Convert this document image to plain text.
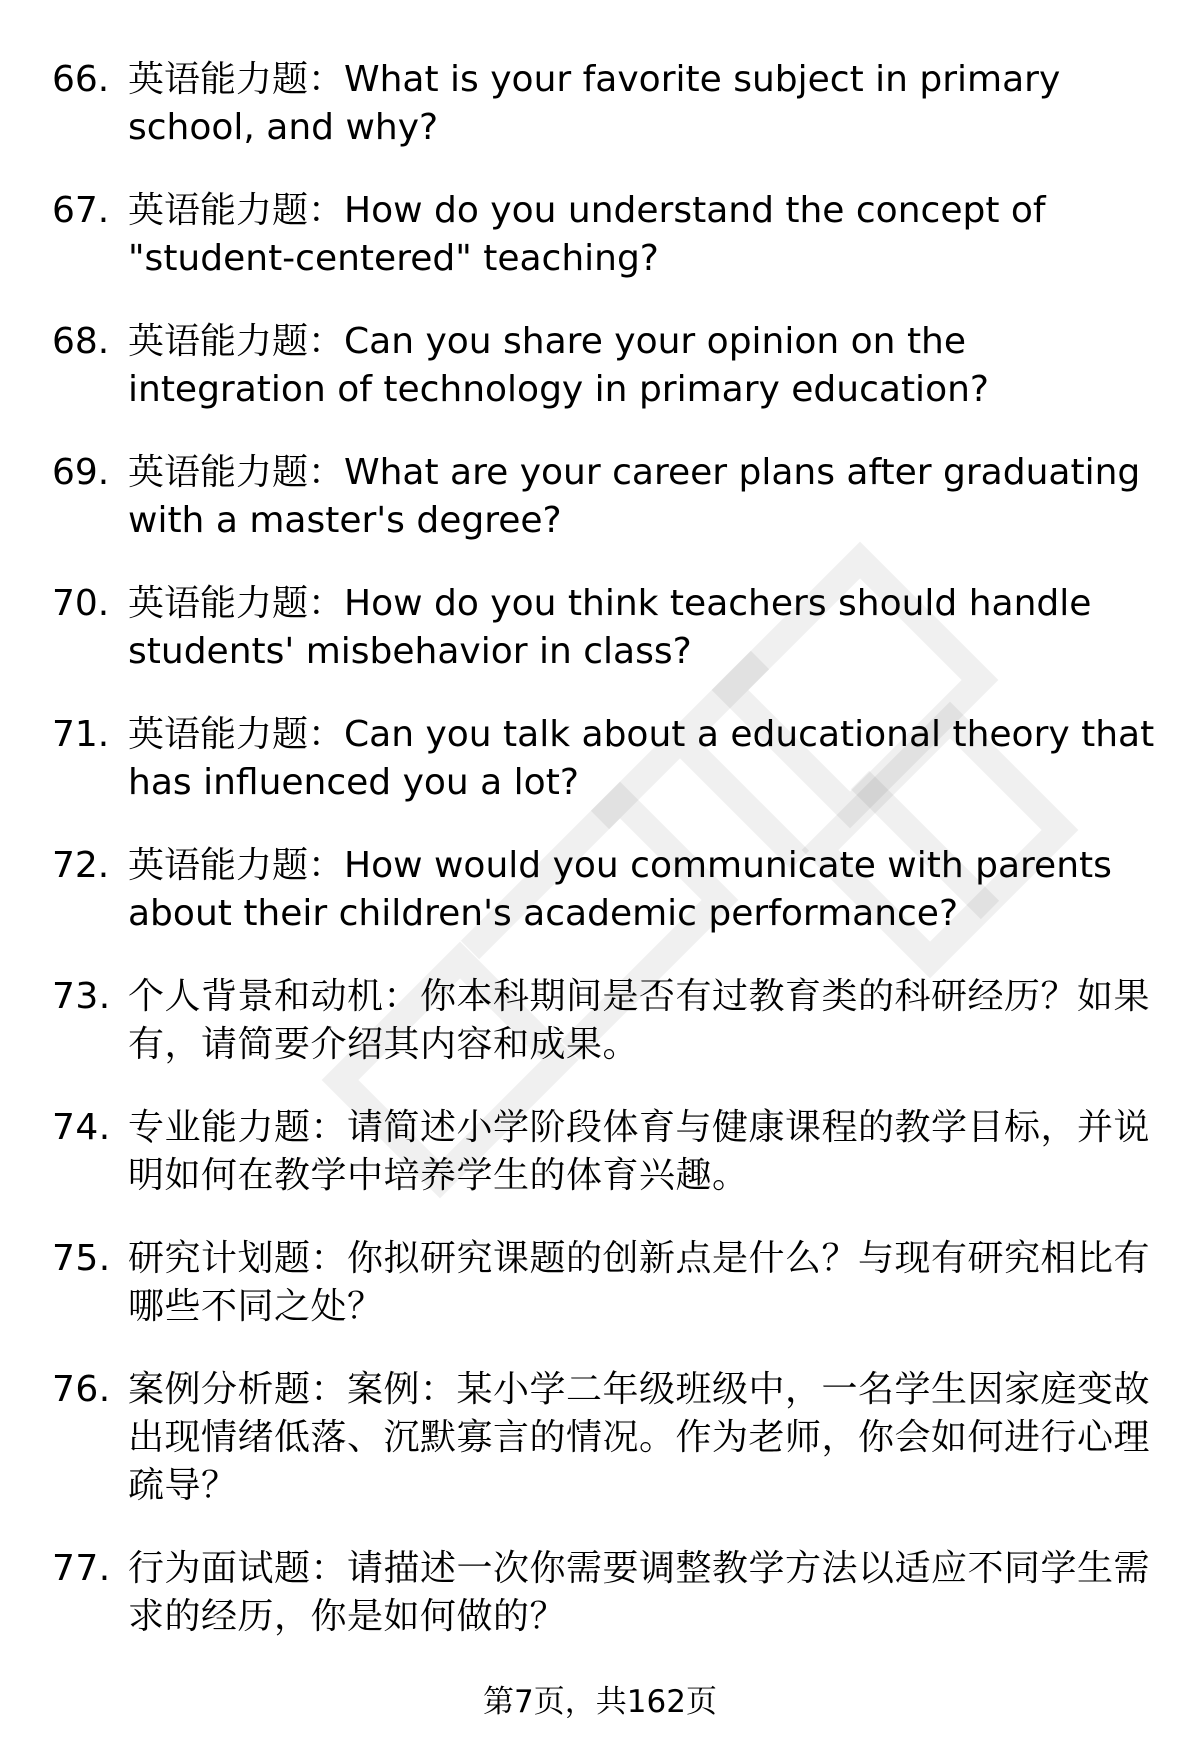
66. 英语能力题：What is your favorite subject in primary school, and why?
67. 英语能力题：How do you understand the concept of "student-centered" teaching?
68. 英语能力题：Can you share your opinion on the integration of technology in primary education?
69. 英语能力题：What are your career plans after graduating with a master's degree?
70. 英语能力题：How do you think teachers should handle students' misbehavior in class?
71. 英语能力题：Can you talk about a educational theory that has influenced you a lot?
72. 英语能力题：How would you communicate with parents about their children's academic performance?
73. 个人背景和动机：你本科期间是否有过教育类的科研经历？如果有，请简要介绍其内容和成果。
74. 专业能力题：请简述小学阶段体育与健康课程的教学目标，并说明如何在教学中培养学生的体育兴趣。
75. 研究计划题：你拟研究课题的创新点是什么？与现有研究相比有哪些不同之处？
76. 案例分析题：案例：某小学二年级班级中，一名学生因家庭变故出现情绪低落、沉默寡言的情况。作为老师，你会如何进行心理疏导？
77. 行为面试题：请描述一次你需要调整教学方法以适应不同学生需求的经历，你是如何做的？
第7页，共162页
